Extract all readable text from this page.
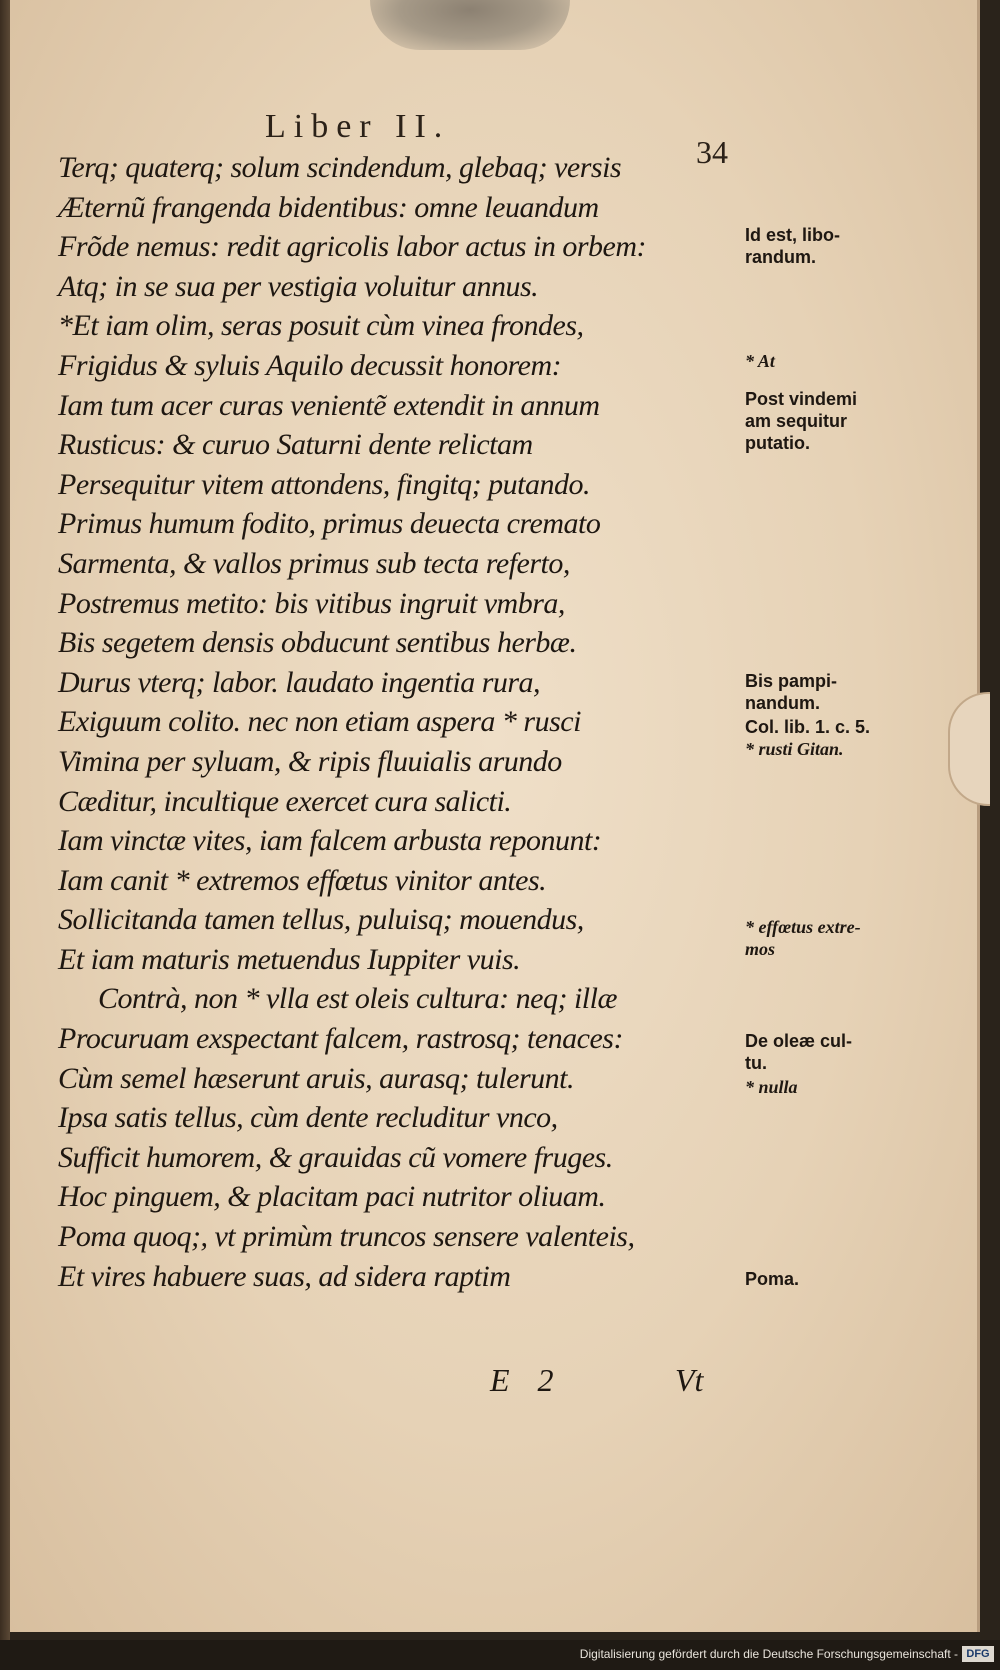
Liber II.
34
Terq; quaterq; solum scindendum, glebaq; versis
Æternũ frangenda bidentibus: omne leuandum
Frõde nemus: redit agricolis labor actus in orbem:
Atq; in se sua per vestigia voluitur annus.
*Et iam olim, seras posuit cùm vinea frondes,
Frigidus & syluis Aquilo decussit honorem:
Iam tum acer curas venientẽ extendit in annum
Rusticus: & curuo Saturni dente relictam
Persequitur vitem attondens, fingitq; putando.
Primus humum fodito, primus deuecta cremato
Sarmenta, & vallos primus sub tecta referto,
Postremus metito: bis vitibus ingruit vmbra,
Bis segetem densis obducunt sentibus herbæ.
Durus vterq; labor. laudato ingentia rura,
Exiguum colito. nec non etiam aspera * rusci
Vimina per syluam, & ripis fluuialis arundo
Cæditur, incultique exercet cura salicti.
Iam vinctæ vites, iam falcem arbusta reponunt:
Iam canit * extremos effœtus vinitor antes.
Sollicitanda tamen tellus, puluisq; mouendus,
Et iam maturis metuendus Iuppiter vuis.
Contrà, non * vlla est oleis cultura: neq; illæ
Procuruam exspectant falcem, rastrosq; tenaces:
Cùm semel hæserunt aruis, aurasq; tulerunt.
Ipsa satis tellus, cùm dente recluditur vnco,
Sufficit humorem, & grauidas cũ vomere fruges.
Hoc pinguem, & placitam paci nutritor oliuam.
Poma quoq;, vt primùm truncos sensere valenteis,
Et vires habuere suas, ad sidera raptim
Id est, libo-
randum.
* At
Post vindemi
am sequitur
putatio.
Bis pampi-
nandum.
Col. lib. 1. c. 5.
* rusti Gitan.
* effœtus extre-
mos
De oleæ cul-
tu.
* nulla
Poma.
E 2	Vt
Digitalisierung gefördert durch die Deutsche Forschungsgemeinschaft - DFG
